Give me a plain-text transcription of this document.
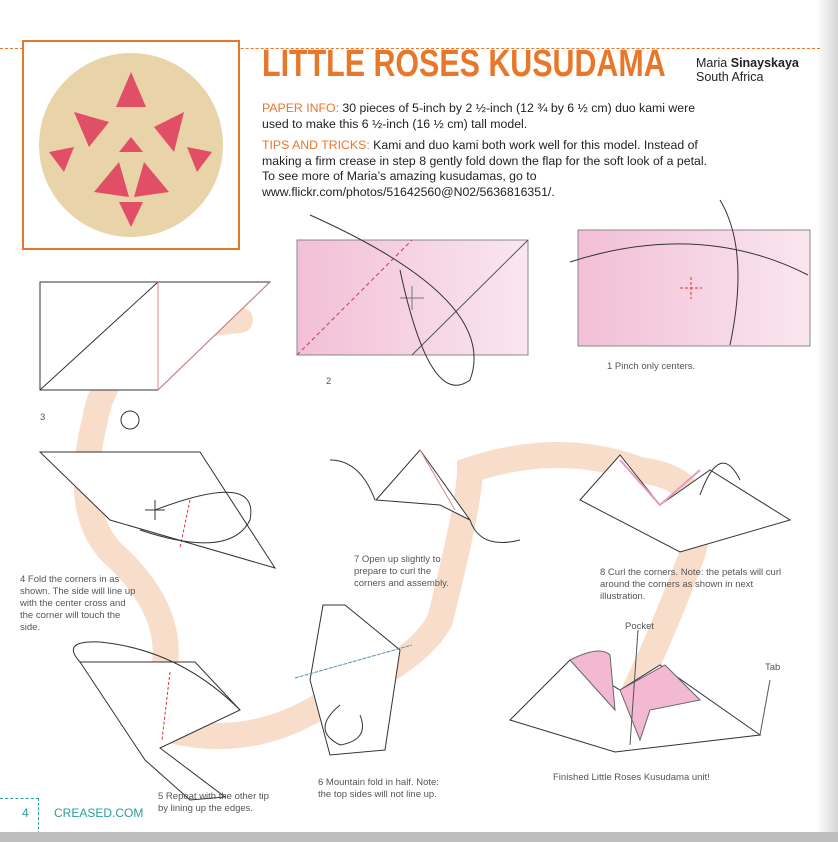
LITTLE ROSES KUSUDAMA Maria Sinayskaya
South Africa

PAPER INFO: 30 pieces of 5-inch by 2 ½-inch (12 ¾ by 6 ½ cm) duo kami were used to make this 6 ½-inch (16 ½ cm) tall model.

TIPS AND TRICKS: Kami and duo kami both work well for this model. Instead of making a firm crease in step 8 gently fold down the flap for the soft look of a petal. To see more of Maria’s amazing kusudamas, go to www.flickr.com/photos/51642560@N02/5636816351/.

1 Pinch only centers.
2
3
4 Fold the corners in as shown. The side will line up with the center cross and the corner will touch the side.
5 Repeat with the other tip by lining up the edges.
6 Mountain fold in half. Note: the top sides will not line up.
7 Open up slightly to prepare to curl the corners and assembly.
8 Curl the corners. Note: the petals will curl around the corners as shown in next illustration.
Pocket
Tab
Finished Little Roses Kusudama unit!
4 CREASED.COM
